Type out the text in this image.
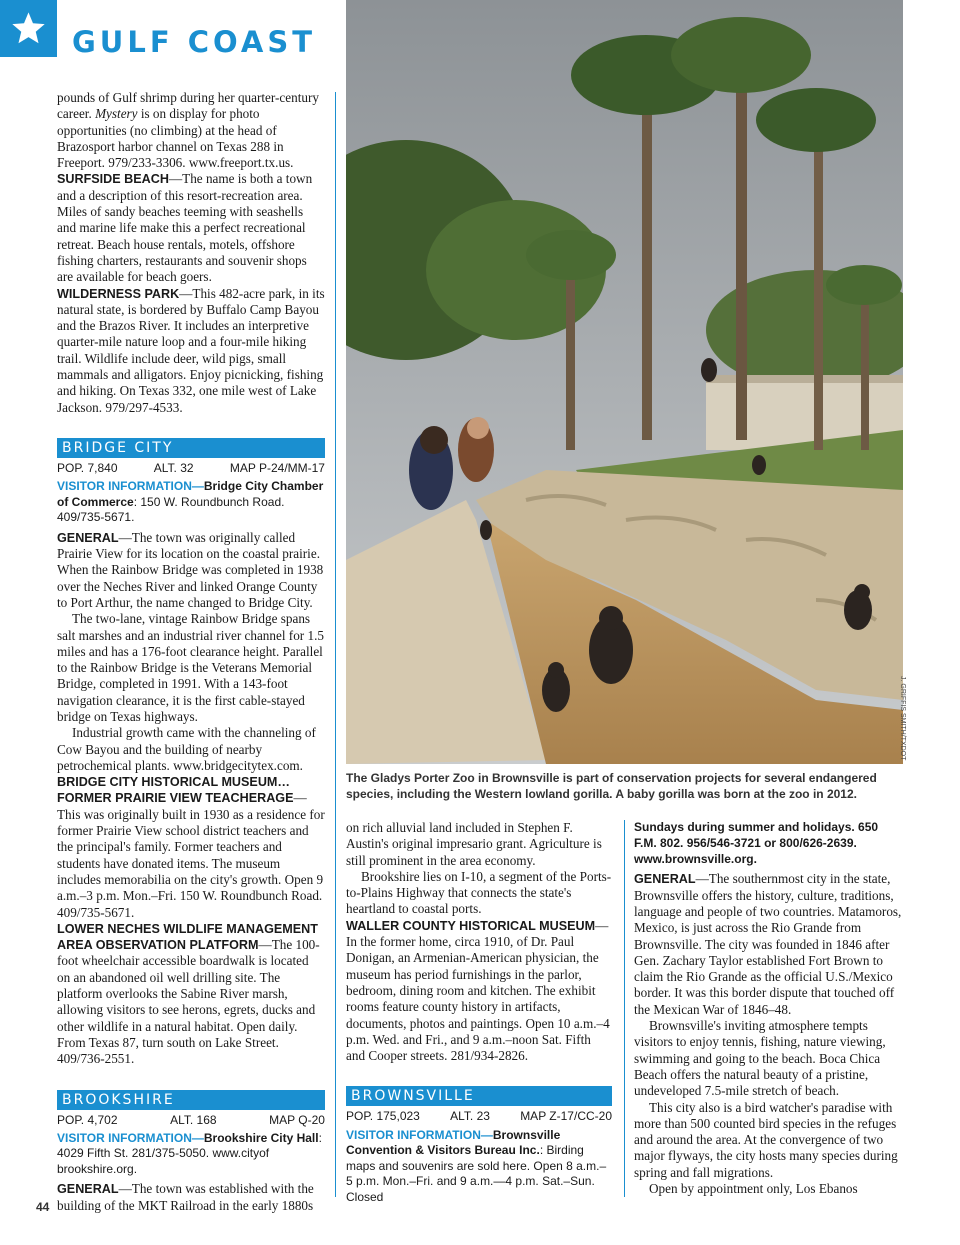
GULF COAST

pounds of Gulf shrimp during her quarter-century career. Mystery is on display for photo opportunities (no climbing) at the head of Brazosport harbor channel on Texas 288 in Freeport. 979/233-3306. www.freeport.tx.us.

SURFSIDE BEACH—The name is both a town and a description of this resort-recreation area. Miles of sandy beaches teeming with seashells and marine life make this a perfect recreational retreat. Beach house rentals, motels, offshore fishing charters, restaurants and souvenir shops are available for beach goers.

WILDERNESS PARK—This 482-acre park, in its natural state, is bordered by Buffalo Camp Bayou and the Brazos River. It includes an interpretive quarter-mile nature loop and a four-mile hiking trail. Wildlife include deer, wild pigs, small mammals and alligators. Enjoy picnicking, fishing and hiking. On Texas 332, one mile west of Lake Jackson. 979/297-4533.

BRIDGE CITY
POP. 7,840	ALT. 32	MAP P-24/MM-17

VISITOR INFORMATION—Bridge City Chamber of Commerce: 150 W. Roundbunch Road. 409/735-5671.

GENERAL—The town was originally called Prairie View for its location on the coastal prairie. When the Rainbow Bridge was completed in 1938 over the Neches River and linked Orange County to Port Arthur, the name changed to Bridge City.

The two-lane, vintage Rainbow Bridge spans salt marshes and an industrial river channel for 1.5 miles and has a 176-foot clearance height. Parallel to the Rainbow Bridge is the Veterans Memorial Bridge, completed in 1991. With a 143-foot navigation clearance, it is the first cable-stayed bridge on Texas highways.

Industrial growth came with the channeling of Cow Bayou and the building of nearby petrochemical plants. www.bridgecitytex.com.

BRIDGE CITY HISTORICAL MUSEUM…FORMER PRAIRIE VIEW TEACHERAGE—This was originally built in 1930 as a residence for former Prairie View school district teachers and the principal's family. Former teachers and students have donated items. The museum includes memorabilia on the city's growth. Open 9 a.m.–3 p.m. Mon.–Fri. 150 W. Roundbunch Road. 409/735-5671.

LOWER NECHES WILDLIFE MANAGEMENT AREA OBSERVATION PLATFORM—The 100-foot wheelchair accessible boardwalk is located on an abandoned oil well drilling site. The platform overlooks the Sabine River marsh, allowing visitors to see herons, egrets, ducks and other wildlife in a natural habitat. Open daily. From Texas 87, turn south on Lake Street. 409/736-2551.

BROOKSHIRE
POP. 4,702	ALT. 168	MAP Q-20

VISITOR INFORMATION—Brookshire City Hall: 4029 Fifth St. 281/375-5050. www.cityof brookshire.org.

GENERAL—The town was established with the building of the MKT Railroad in the early 1880s

J. GRIFFIS SMITH/TXDOT

The Gladys Porter Zoo in Brownsville is part of conservation projects for several endangered species, including the Western lowland gorilla. A baby gorilla was born at the zoo in 2012.

on rich alluvial land included in Stephen F. Austin's original impresario grant. Agriculture is still prominent in the area economy.

Brookshire lies on I-10, a segment of the Ports-to-Plains Highway that connects the state's heartland to coastal ports.

WALLER COUNTY HISTORICAL MUSEUM—In the former home, circa 1910, of Dr. Paul Donigan, an Armenian-American physician, the museum has period furnishings in the parlor, bedroom, dining room and kitchen. The exhibit rooms feature county history in artifacts, documents, photos and paintings. Open 10 a.m.–4 p.m. Wed. and Fri., and 9 a.m.–noon Sat. Fifth and Cooper streets. 281/934-2826.

BROWNSVILLE
POP. 175,023	ALT. 23	MAP Z-17/CC-20

VISITOR INFORMATION—Brownsville Convention & Visitors Bureau Inc.: Birding maps and souvenirs are sold here. Open 8 a.m.–5 p.m. Mon.–Fri. and 9 a.m.—4 p.m. Sat.–Sun. Closed

Sundays during summer and holidays. 650 F.M. 802. 956/546-3721 or 800/626-2639. www.brownsville.org.

GENERAL—The southernmost city in the state, Brownsville offers the history, culture, traditions, language and people of two countries. Matamoros, Mexico, is just across the Rio Grande from Brownsville. The city was founded in 1846 after Gen. Zachary Taylor established Fort Brown to claim the Rio Grande as the official U.S./Mexico border. It was this border dispute that touched off the Mexican War of 1846–48.

Brownsville's inviting atmosphere tempts visitors to enjoy tennis, fishing, nature viewing, swimming and going to the beach. Boca Chica Beach offers the natural beauty of a pristine, undeveloped 7.5-mile stretch of beach.

This city also is a bird watcher's paradise with more than 500 counted bird species in the refuges and around the area. At the convergence of two major flyways, the city hosts many species during spring and fall migrations.

Open by appointment only, Los Ebanos

44
